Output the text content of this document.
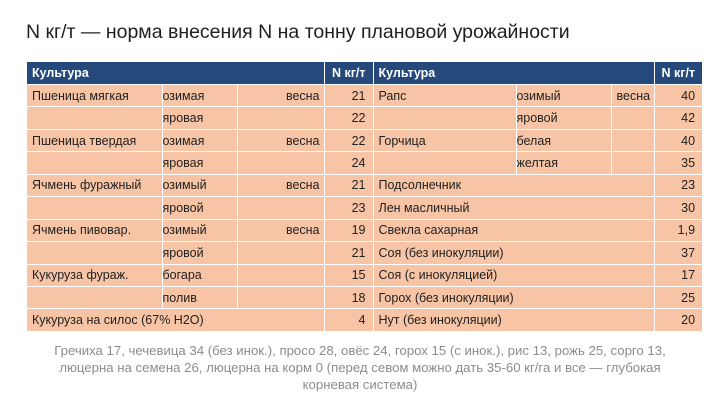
N кг/т — норма внесения N на тонну плановой урожайности
Культура			N кг/т	Культура			N кг/т
Пшеница мягкая	озимая	весна	21	Рапс	озимый	весна	40
	яровая		22		яровой		42
Пшеница твердая	озимая	весна	22	Горчица	белая		40
	яровая		24		желтая		35
Ячмень фуражный	озимый	весна	21	Подсолнечник			23
	яровой		23	Лен масличный			30
Ячмень пивовар.	озимый	весна	19	Свекла сахарная			1,9
	яровой		21	Соя (без инокуляции)			37
Кукуруза фураж.	богара		15	Соя (с инокуляцией)			17
	полив		18	Горох (без инокуляции)			25
Кукуруза на силос (67% H2O)			4	Нут (без инокуляции)			20
Гречиха 17, чечевица 34 (без инок.), просо 28, овёс 24, горох 15 (с инок.), рис 13, рожь 25, сорго 13, люцерна на семена 26, люцерна на корм 0 (перед севом можно дать 35-60 кг/га и все — глубокая корневая система)
